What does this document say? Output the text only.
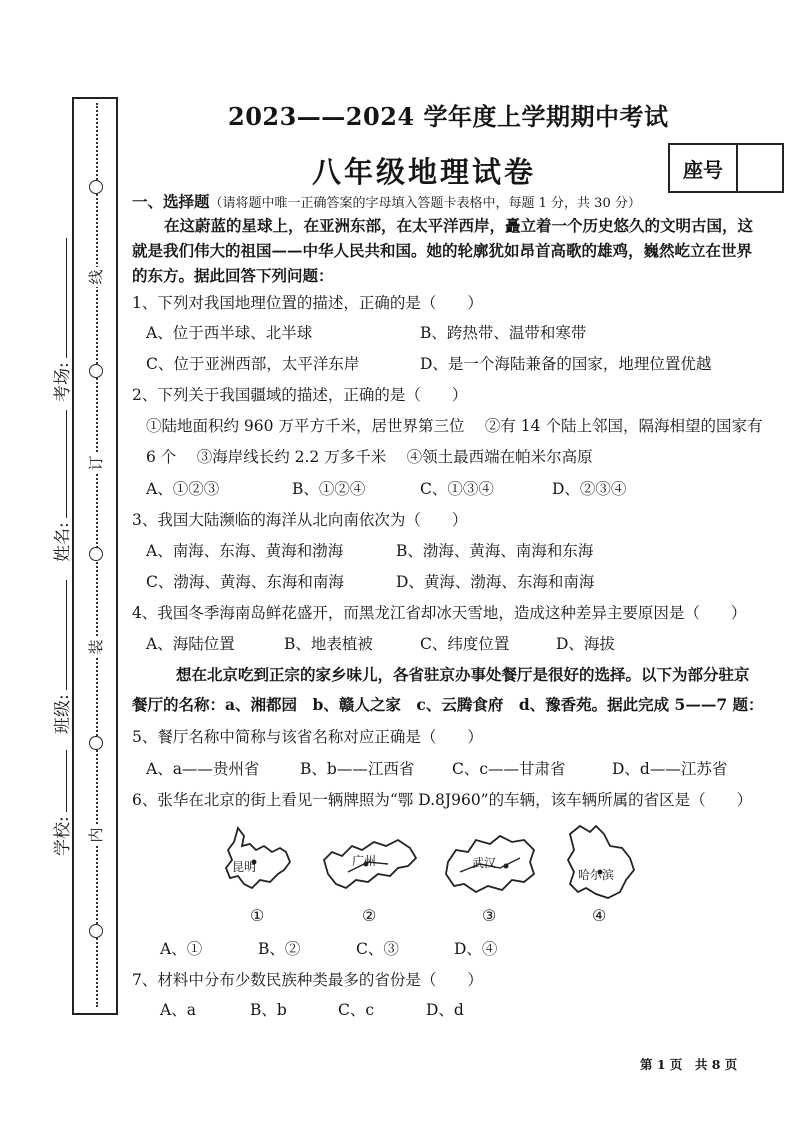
线
订
装
内
考场:
姓名:
班级:
学校:
2023——2024 学年度上学期期中考试
八年级地理试卷	座号
一、选择题（请将题中唯一正确答案的字母填入答题卡表格中，每题 1 分，共 30 分）
在这蔚蓝的星球上，在亚洲东部，在太平洋西岸，矗立着一个历史悠久的文明古国，这
就是我们伟大的祖国——中华人民共和国。她的轮廓犹如昂首高歌的雄鸡，巍然屹立在世界
的东方。据此回答下列问题：
1、下列对我国地理位置的描述，正确的是（　　）
A、位于西半球、北半球	B、跨热带、温带和寒带
C、位于亚洲西部，太平洋东岸	D、是一个海陆兼备的国家，地理位置优越
2、下列关于我国疆域的描述，正确的是（　　）
①陆地面积约 960 万平方千米，居世界第三位　 ②有 14 个陆上邻国，隔海相望的国家有
6 个　 ③海岸线长约 2.2 万多千米　 ④领土最西端在帕米尔高原
A、①②③	B、①②④	C、①③④	D、②③④
3、我国大陆濒临的海洋从北向南依次为（　　）
A、南海、东海、黄海和渤海	B、渤海、黄海、南海和东海
C、渤海、黄海、东海和南海	D、黄海、渤海、东海和南海
4、我国冬季海南岛鲜花盛开，而黑龙江省却冰天雪地，造成这种差异主要原因是（　　）
A、海陆位置	B、地表植被	C、纬度位置	D、海拔
想在北京吃到正宗的家乡味儿，各省驻京办事处餐厅是很好的选择。以下为部分驻京
餐厅的名称：a、湘都园　b、赣人之家　c、云腾食府　d、豫香苑。据此完成 5——7 题：
5、餐厅名称中简称与该省名称对应正确是（　　）
A、a——贵州省	B、b——江西省 C、c——甘肃省	D、d——江苏省
6、张华在北京的街上看见一辆牌照为“鄂 D.8J960”的车辆，该车辆所属的省区是（　　）
昆明
①
广州
②
武汉
③
哈尔滨
④
A、①	B、②	C、③	D、④
7、材料中分布少数民族种类最多的省份是（　　）
A、a	B、b	C、c	D、d
第 1 页　共 8 页
